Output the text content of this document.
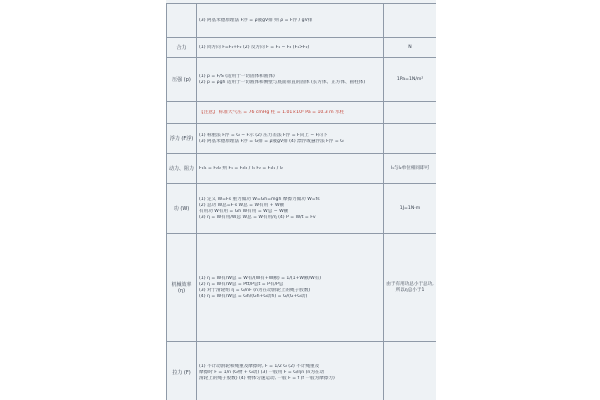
	(3) 阿基米德原理法 F浮 = ρ液gV排 则 ρ = F浮 / gV排	

合力	(1) 同方向 F=F₁+F₂ (2) 反方向 F = F₁ − F₂ (F₁>F₂)	N
压强 (p)	(1) p = F/S (适用于一切固体和液体)
(2) p = ρgh 适用于一切液体和侧壁与底面垂直的固体 (长方体、正方体、圆柱体)	1Pa=1N/m²

	【注意】 标准大气压 = 76 cmHg 柱 = 1.01×10⁵ Pa = 10.3 m 水柱	

浮力 (F浮)	(1) 称重法 F浮 = G − F示 (2) 压力差法 F浮 = F向上 − F向下
(3) 阿基米德原理法 F浮 = G排 = ρ液gV排 (4) 漂浮或悬浮法 F浮 = G	

动力、阻力	F₁l₁ = F₂l₂ 则 F₁ = F₂l₂ / l₁ F₂ = F₁l₁ / l₂	l₁与l₂单位相同即可
功 (W)	(1) 定义 W=Fs 重力做功 W=Gh=mgh 摩擦力做功 W=fs
(2) 总功 W总=F·s W总 = W有用 + W额
有用功 W有用 = Gh W有用 = W总 − W额
(3) η = W有用/W总 W总 = W有用/η (4) P = W/t = Fv	1J=1N·m
机械效率 (η)	(1) η = W有/W总 = W有/(W有+W额) = 1/(1+W额/W有)
(2) η = W有/W总 = Ptt/P总t = P有/P总
(3) 对于滑轮组 η = G/nF (n为在动滑轮上的绳子股数)
(4) η = W有/W总 = Gh/(Gh+G动h) = G/(G+G动)	由于有用功总小于总功, 所以η总小于1
拉力 (F)	(1) 不计动滑轮和绳重及摩擦时, F = 1/2 G (2) 不计绳重及
摩擦时 F = 1/n (G物 + G动) (3) 一般用 F = G/ηn (n为在动
滑轮上的绳子股数) (4) 物体匀速运动, 一般 F = f (f 一般为摩擦力)	
